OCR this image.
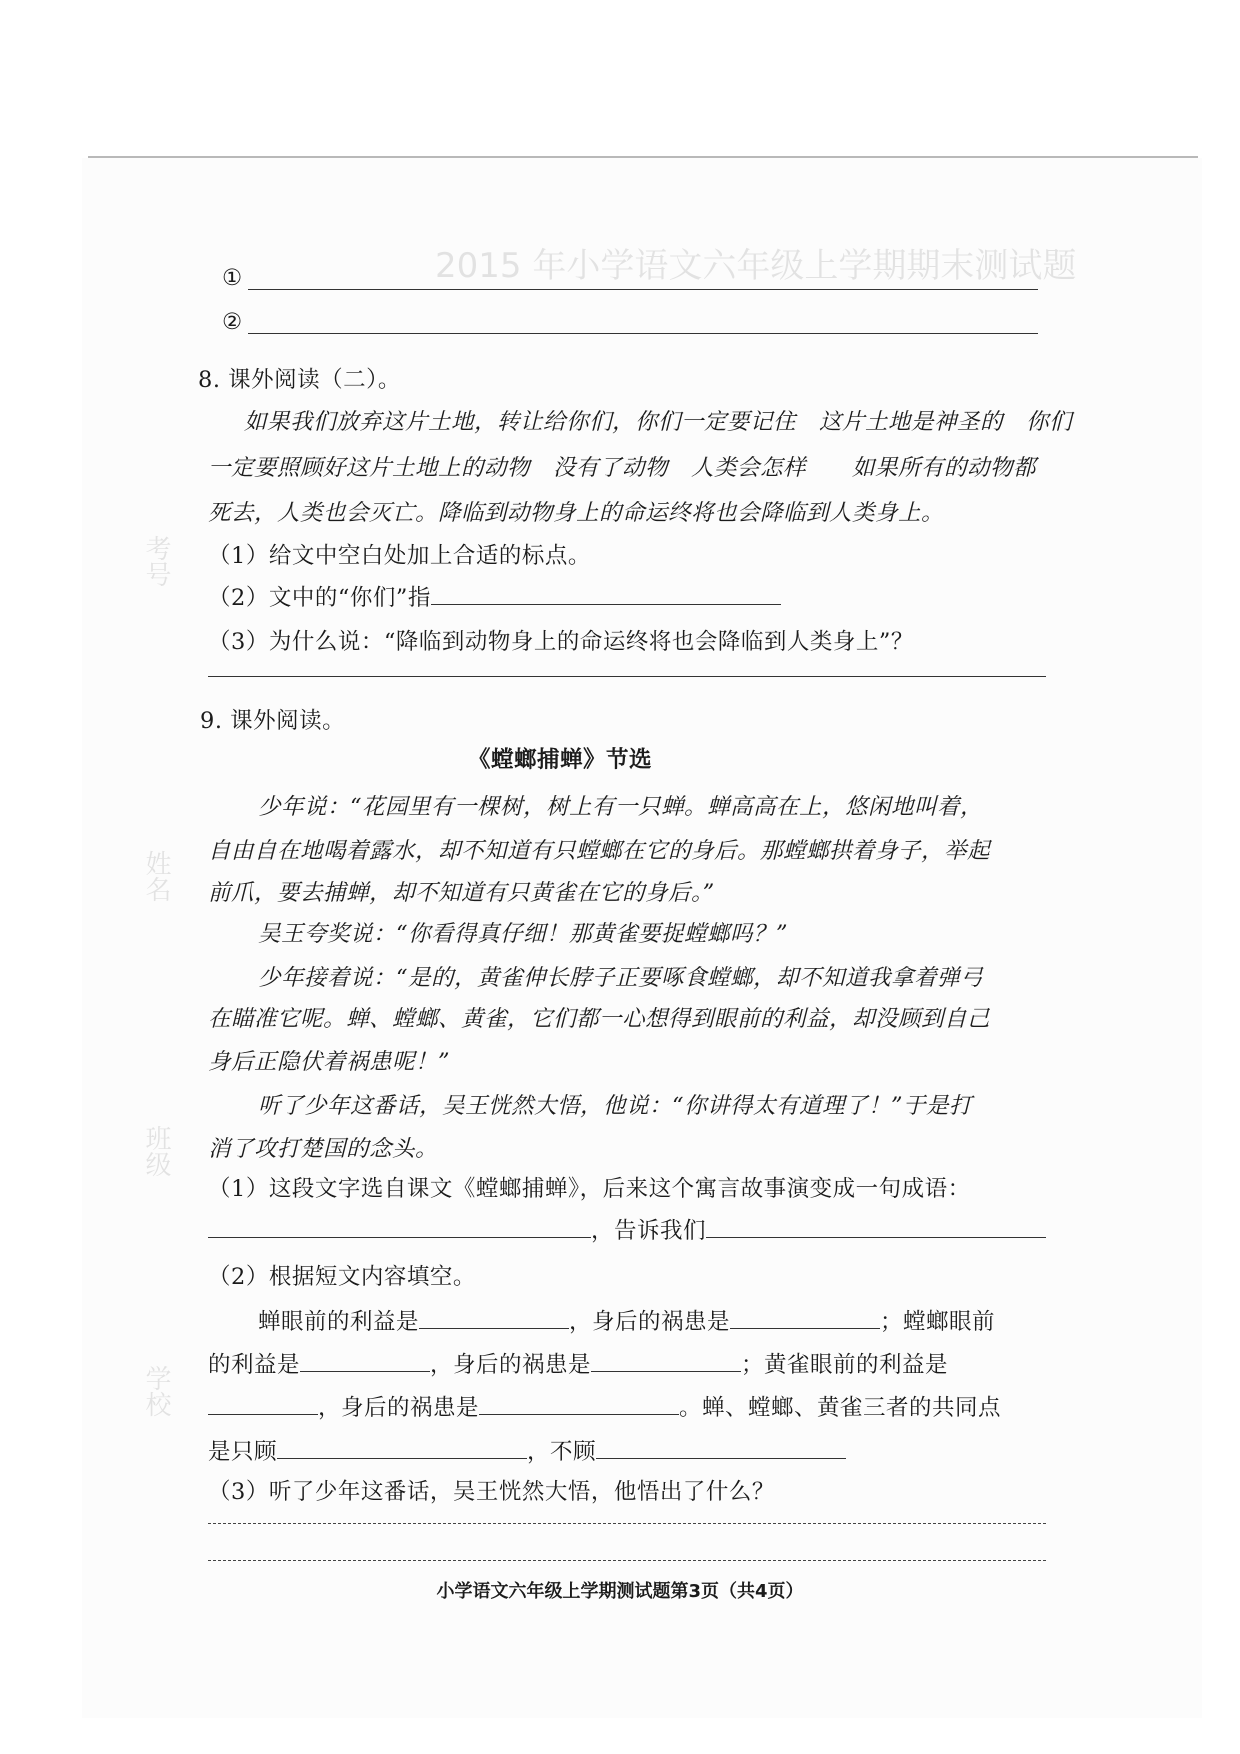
2015 年小学语文六年级上学期期末测试题
考号
姓名
班级
学校
①
②
8. 课外阅读（二）。
如果我们放弃这片土地，转让给你们，你们一定要记住　这片土地是神圣的　你们
一定要照顾好这片土地上的动物　没有了动物　人类会怎样　　如果所有的动物都
死去，人类也会灭亡。降临到动物身上的命运终将也会降临到人类身上。
（1）给文中空白处加上合适的标点。
（2）文中的“你们”指
（3）为什么说：“降临到动物身上的命运终将也会降临到人类身上”？
9. 课外阅读。
《螳螂捕蝉》节选
少年说：“花园里有一棵树，树上有一只蝉。蝉高高在上，悠闲地叫着，
自由自在地喝着露水，却不知道有只螳螂在它的身后。那螳螂拱着身子，举起
前爪，要去捕蝉，却不知道有只黄雀在它的身后。”
吴王夸奖说：“你看得真仔细！那黄雀要捉螳螂吗？”
少年接着说：“是的，黄雀伸长脖子正要啄食螳螂，却不知道我拿着弹弓
在瞄准它呢。蝉、螳螂、黄雀，它们都一心想得到眼前的利益，却没顾到自己
身后正隐伏着祸患呢！”
听了少年这番话，吴王恍然大悟，他说：“你讲得太有道理了！”于是打
消了攻打楚国的念头。
（1）这段文字选自课文《螳螂捕蝉》，后来这个寓言故事演变成一句成语：
，告诉我们
（2）根据短文内容填空。
蝉眼前的利益是	，身后的祸患是	；螳螂眼前
的利益是	，身后的祸患是	；黄雀眼前的利益是
，身后的祸患是	。蝉、螳螂、黄雀三者的共同点
是只顾	，不顾
（3）听了少年这番话，吴王恍然大悟，他悟出了什么？
小学语文六年级上学期测试题第3页（共4页）
